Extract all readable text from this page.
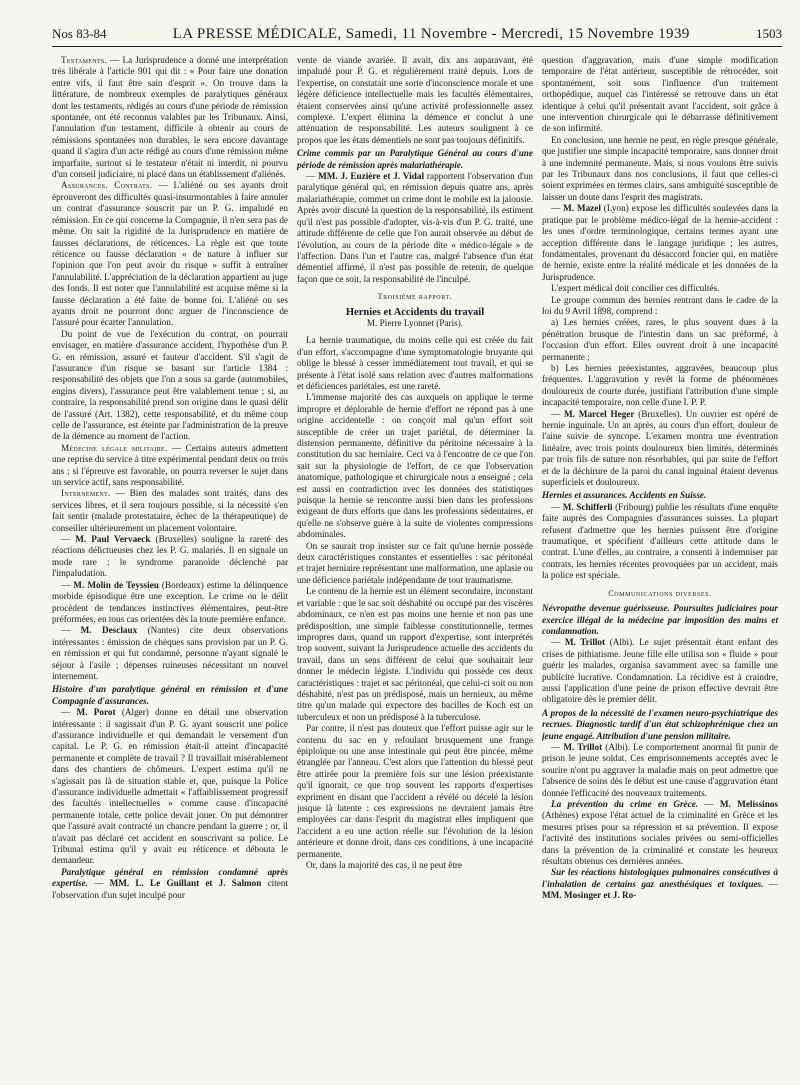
Nos 83-84	LA PRESSE MÉDICALE, Samedi, 11 Novembre - Mercredi, 15 Novembre 1939	1503

Testaments. — La Jurisprudence a donné une interprétation très libérale à l'article 901 qui dit : « Pour faire une donation entre vifs, il faut être sain d'esprit ». On trouve dans la littérature, de nombreux exemples de paralytiques généraux dont les testaments, rédigés au cours d'une période de rémission spontanée, ont été reconnus valables par les Tribunaux. Ainsi, l'annulation d'un testament, difficile à obtenir au cours de rémissions spontanées non durables, le sera encore davantage quand il s'agira d'un acte rédigé au cours d'une rémission même imparfaite, surtout si le testateur n'était ni interdit, ni pourvu d'un conseil judiciaire, ni placé dans un établissement d'aliénés.

Assurances. Contrats. — L'aliéné ou ses ayants droit éprouveront des difficultés quasi-insurmontables à faire annuler un contrat d'assurance souscrit par un P. G. impaludé en rémission. En ce qui concerne la Compagnie, il n'en sera pas de même. On sait la rigidité de la Jurisprudence en matière de fausses déclarations, de réticences. La règle est que toute réticence ou fausse déclaration « de nature à influer sur l'opinion que l'on peut avoir du risque » suffit à entraîner l'annulabilité. L'appréciation de la déclaration appartient au juge des fonds. Il est noter que l'annulabilité est acquise même si la fausse déclaration a été faite de bonne foi. L'aliéné ou ses ayants droit ne pourront donc arguer de l'inconscience de l'assuré pour écarter l'annulation.

Du point de vue de l'exécution du contrat, on pourrait envisager, en matière d'assurance accident, l'hypothèse d'un P. G. en rémission, assuré et fauteur d'accident. S'il s'agit de l'assurance d'un risque se basant sur l'article 1384 : responsabilité des objets que l'on a sous sa garde (automobiles, engins divers), l'assurance peut être valablement tenue ; si, au contraire, la responsabilité prend son origine dans le quasi délit de l'assuré (Art. 1382), cette responsabilité, et du même coup celle de l'assurance, est éteinte par l'administration de la preuve de la démence au moment de l'action.

Médecine légale militaire. — Certains auteurs admettent une reprise du service à titre expérimental pendant deux ou trois ans ; si l'épreuve est favorable, on pourra reverser le sujet dans un service actif, sans responsabilité.

Internement. — Bien des malades sont traités, dans des services libres, et il sera toujours possible, si la nécessité s'en fait sentir (malade protestataire, échec de la thérapeutique) de conseiller ultérieurement un placement volontaire.

— M. Paul Vervaeck (Bruxelles) souligne la rareté des réactions délictueuses chez les P. G. malariés. Il en signale un mode rare : le syndrome paranoïde déclenché par l'impaludation.

— M. Molin de Teyssieu (Bordeaux) estime la délinquence morbide épisodique être une exception. Le crime ou le délit procèdent de tendances instinctives élémentaires, peut-être préformées, en tous cas orientées dès la toute première enfance.

— M. Desclaux (Nantes) cite deux observations intéressantes : émission de chèques sans provision par un P. G. en rémission et qui fut condamné, personne n'ayant signalé le séjour à l'asile ; dépenses ruineuses nécessitant un nouvel internement.

Histoire d'un paralytique général en rémission et d'une Compagnie d'assurances.

— M. Porot (Alger) donne en détail une observation intéressante : il sagissait d'un P. G. ayant souscrit une police d'assurance individuelle et qui demandait le versement d'un capital. Le P. G. en rémission était-il atteint d'incapacité permanente et complète de travail ? Il travaillait misérablement dans des chantiers de chômeurs. L'expert estima qu'il ne s'agissait pas là de situation stable et, que, puisque la Police d'assurance individuelle admettait « l'affaiblissement progressif des facultés intellectuelles » comme cause d'incapacité permanente totale, cette police devait jouer. On put démontrer que l'assuré avait contracté un chancre pendant la guerre ; or, il n'avait pas déclaré cet accident en souscrivant sa police. Le Tribunal estima qu'il y avait eu réticence et débouta le demandeur.

Paralytique général en rémission condamné après expertise. — MM. L. Le Guillant et J. Salmon citent l'observation d'un sujet inculpé pour

vente de viande avariée. Il avait, dix ans auparavant, été impaludé pour P. G. et régulièrement traité depuis. Lors de l'expertise, on constatait une sorte d'inconscience morale et une légère déficience intellectuelle mais les facultés élémentaires, étaient conservées ainsi qu'une activité professionnelle assez complexe. L'expert élimina la démence et conclut à une atténuation de responsabilité. Les auteurs soulignent à ce propos que les états démentiels ne sont pas toujours définitifs.

Crime commis par un Paralytique Général au cours d'une période de rémission après malariathérapie.

— MM. J. Euzière et J. Vidal rapportent l'observation d'un paralytique général qui, en rémission depuis quatre ans, après malariathérapie, commet un crime dont le mobile est la jalousie. Après avoir discuté la question de la responsabilité, ils estiment qu'il n'est pas possible d'adopter, vis-à-vis d'un P. G. traité, une attitude différente de celle que l'on aurait observée au début de l'évolution, au cours de la période dite « médico-légale » de l'affection. Dans l'un et l'autre cas, malgré l'absence d'un état démentiel affirmé, il n'est pas possible de retenir, de quelque façon que ce soit, la responsabilité de l'inculpé.

Troisième rapport.

Hernies et Accidents du travail

M. Pierre Lyonnet (Paris).

La hernie traumatique, du moins celle qui est créée du fait d'un effort, s'accompagne d'une symptomatologie bruyante qui oblige le blessé à cesser immédiatement tout travail, et qui se présente à l'état isolé sans relation avec d'autres malformations et déficiences pariétales, est une rareté.

L'immense majorité des cas auxquels on applique le terme impropre et déplorable de hernie d'effort ne répond pas à une origine accidentelle : on conçoit mal qu'un effort soit susceptible de créer un trajet pariétal, de déterminer la distension permanente, définitive du péritoine nécessaire à la constitution du sac herniaire. Ceci va à l'encontre de ce que l'on sait sur la physiologie de l'effort, de ce que l'observation anatomique, pathologique et chirurgicale nous a enseigné ; cela est aussi en contradiction avec les données des statistiques puisque la hernie se rencontre aussi bien dans les professions exigeant de durs efforts que dans les professions sédentaires, et qu'elle ne s'observe guère à la suite de violentes compressions abdominales.

On se saurait trop insister sur ce fait qu'une hernie possède deux caractéristiques constantes et essentielles : sac péritonéal et trajet herniaire représentant une malformation, une aplasie ou une déficience pariétale indépendante de tout traumatisme.

Le contenu de la hernie est un élément secondaire, inconstant et variable : que le sac soit déshabité ou occupé par des viscères abdominaux, ce n'en est pas moins une hernie et non pas une prédisposition, une simple faiblesse constitutionnelle, termes impropres dans, quand un rapport d'expertise, sont interprétés trop souvent, suivant la Jurisprudence actuelle des accidents du travail, dans un sens différent de celui que souhaitait leur donner le médecin légiste. L'individu qui possède ces deux caractéristiques : trajet et sac péritonéal, que celui-ci soit ou non déshabité, n'est pas un prédisposé, mais un hernieux, au même titre qu'un malade qui expectore des bacilles de Koch est un tuberculeux et non un prédisposé à la tuberculose.

Par contre, il n'est pas douteux que l'effort puisse agir sur le contenu du sac en y refoulant brusquement une frange épiploïque ou une anse intestinale qui peut être pincée, même étranglée par l'anneau. C'est alors que l'attention du blessé peut être attirée pour la première fois sur une lésion préexistante qu'il ignorait, ce que trop souvent les rapports d'expertises expriment en disant que l'accident a révélé ou décelé la lésion jusque là latente : ces expressions ne devraient jamais être employées car dans l'esprit du magistrat elles impliquent que l'accident a eu une action réelle sur l'évolution de la lésion antérieure et donne droit, dans ces conditions, à une incapacité permanente.

Or, dans la majorité des cas, il ne peut être

question d'aggravation, mais d'une simple modification temporaire de l'état antérieur, susceptible de rétrocéder, soit spontanément, soit sous l'influence d'un traitement orthopédique, auquel cas l'intéressé se retrouve dans un état identique à celui qu'il présentait avant l'accident, soit grâce à une intervention chirurgicale qui le débarrasse définitivement de son infirmité.

En conclusion, une hernie ne peut, en règle presque générale, que justifier une simple incapacité temporaire, sans donner droit à une indemnité permanente. Mais, si nous voulons être suivis par les Tribunaux dans nos conclusions, il faut que celles-ci soient exprimées en termes clairs, sans ambiguïté susceptible de laisser un doute dans l'esprit des magistrats.

— M. Mazel (Lyon) expose les difficultés soulevées dans la pratique par le problème médico-légal de la hernie-accident : les unes d'ordre terminologique, certains termes ayant une acception différente dans le langage juridique ; les autres, fondamentales, provenant du désaccord foncier qui, en matière de hernie, existe entre la réalité médicale et les données de la Jurisprudence.

L'expert médical doit concilier ces difficultés.

Le groupe commun des hernies rentrant dans le cadre de la loi du 9 Avril 1898, comprend :

a) Les hernies créées, rares, le plus souvent dues à la pénétration brusque de l'intestin dans un sac préformé, à l'occasion d'un effort. Elles ouvrent droit à une incapacité permanente ;

b) Les hernies préexistantes, aggravées, beaucoup plus fréquentes. L'aggravation y revêt la forme de phénomènes douloureux de courte durée, justifiant l'attribution d'une simple incapacité temporaire, non celle d'une I. P. P.

— M. Marcel Heger (Bruxelles). Un ouvrier est opéré de hernie inguinale. Un an après, au cours d'un effort, douleur de l'aine suivie de syncope. L'examen montra une éventration linéaire, avec trois points douloureux bien limités, déterminés par trois fils de suture non résorbables, qui par suite de l'effort et de la déchirure de la paroi du canal inguinal étaient devenus superficiels et douloureux.

Hernies et assurances. Accidents en Suisse.

— M. Schifferli (Fribourg) publie les résultats d'une enquête faite auprès des Compagnies d'assurances suisses. La plupart refusent d'admettre que les hernies puissent être d'origine traumatique, et spécifient d'ailleurs cette attitude dans le contrat. L'une d'elles, au contraire, a consenti à indemniser par contrats, les hernies récentes provoquées par un accident, mais la police est spéciale.

Communications diverses.

Névropathe devenue guérisseuse. Poursuites judiciaires pour exercice illégal de la médecine par imposition des mains et condamnation.

— M. Trillot (Albi). Le sujet présentait étant enfant des crises de pithiatisme. Jeune fille elle utilisa son « fluide » pour guérir les malades, organisa savamment avec sa famille une publicité lucrative. Condamnation. La récidive est à craindre, aussi l'application d'une peine de prison effective devrait être obligatoire dès le premier délit.

A propos de la nécessité de l'examen neuro-psychiatrique des recrues. Diagnostic tardif d'un état schizophrénique chez un jeune engagé. Attribution d'une pension militaire.

— M. Trillot (Albi). Le comportement anormal fit punir de prison le jeune soldat. Ces emprisonnements acceptés avec le sourire n'ont pu aggraver la maladie mais on peut admettre que l'absence de soins dès le début est une cause d'aggravation étant donnée l'efficacité des nouveaux traitements.

La prévention du crime en Grèce. — M. Melissinos (Athènes) expose l'état actuel de la criminalité en Grèce et les mesures prises pour sa répression et sa prévention. Il expose l'activité des institutions sociales privées ou semi-officielles dans la prévention de la criminalité et constate les heureux résultats obtenus ces dernières années.

Sur les réactions histologiques pulmonaires consécutives à l'inhalation de certains gaz anesthésiques et toxiques. — MM. Mosinger et J. Ro-
